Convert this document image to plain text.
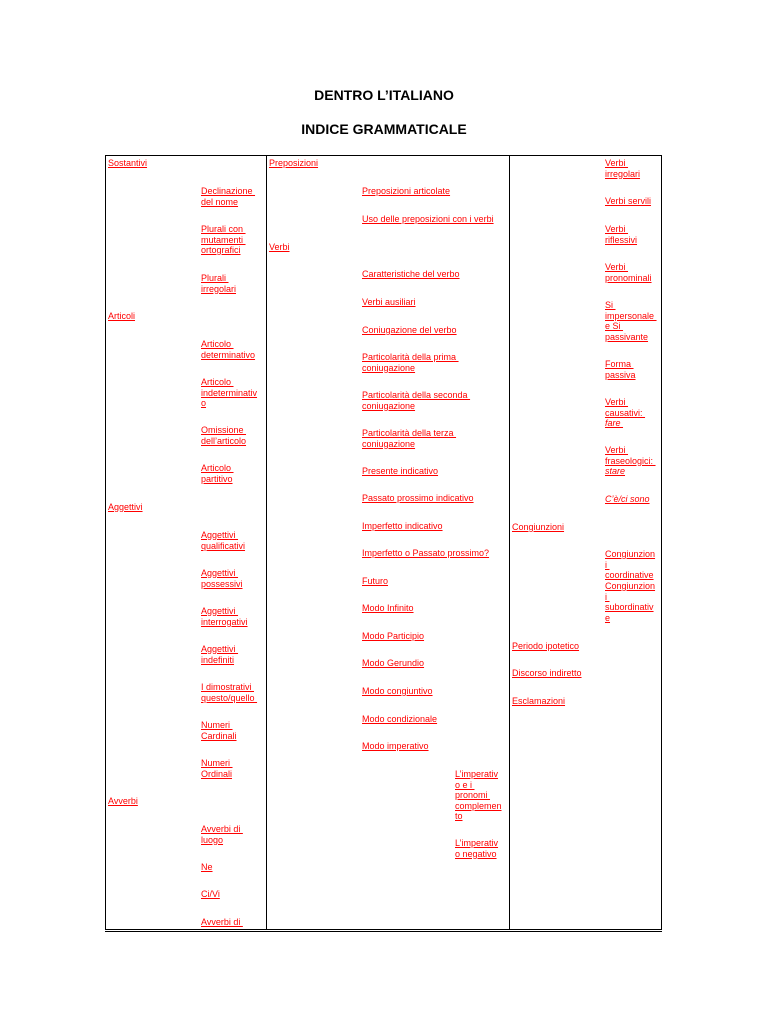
DENTRO L’ITALIANO
INDICE GRAMMATICALE
Sostantivi
Declinazione
del nome
Plurali con
mutamenti
ortografici
Plurali
irregolari
Articoli
Articolo
determinativo
Articolo
indeterminativ
o
Omissione
dell’articolo
Articolo
partitivo
Aggettivi
Aggettivi
qualificativi
Aggettivi
possessivi
Aggettivi
interrogativi
Aggettivi
indefiniti
I dimostrativi
questo/quello
Numeri
Cardinali
Numeri
Ordinali
Avverbi
Avverbi di
luogo
Ne
Ci/Vi
Avverbi di
Preposizioni
Preposizioni articolate
Uso delle preposizioni con i verbi
Verbi
Caratteristiche del verbo
Verbi ausiliari
Coniugazione del verbo
Particolarità della prima
coniugazione
Particolarità della seconda
coniugazione
Particolarità della terza
coniugazione
Presente indicativo
Passato prossimo indicativo
Imperfetto indicativo
Imperfetto o Passato prossimo?
Futuro
Modo Infinito
Modo Participio
Modo Gerundio
Modo congiuntivo
Modo condizionale
Modo imperativo
L’imperativ
o e i
pronomi
complemen
to
L’imperativ
o negativo
Congiunzioni
Periodo ipotetico
Discorso indiretto
Esclamazioni
Verbi
irregolari
Verbi servili
Verbi
riflessivi
Verbi
pronominali
Si
impersonale
e Si
passivante
Forma
passiva
Verbi
causativi:
fare
Verbi
fraseologici:
stare
C’è/ci sono
Congiunzion
i
coordinative
Congiunzion
i
subordinativ
e
